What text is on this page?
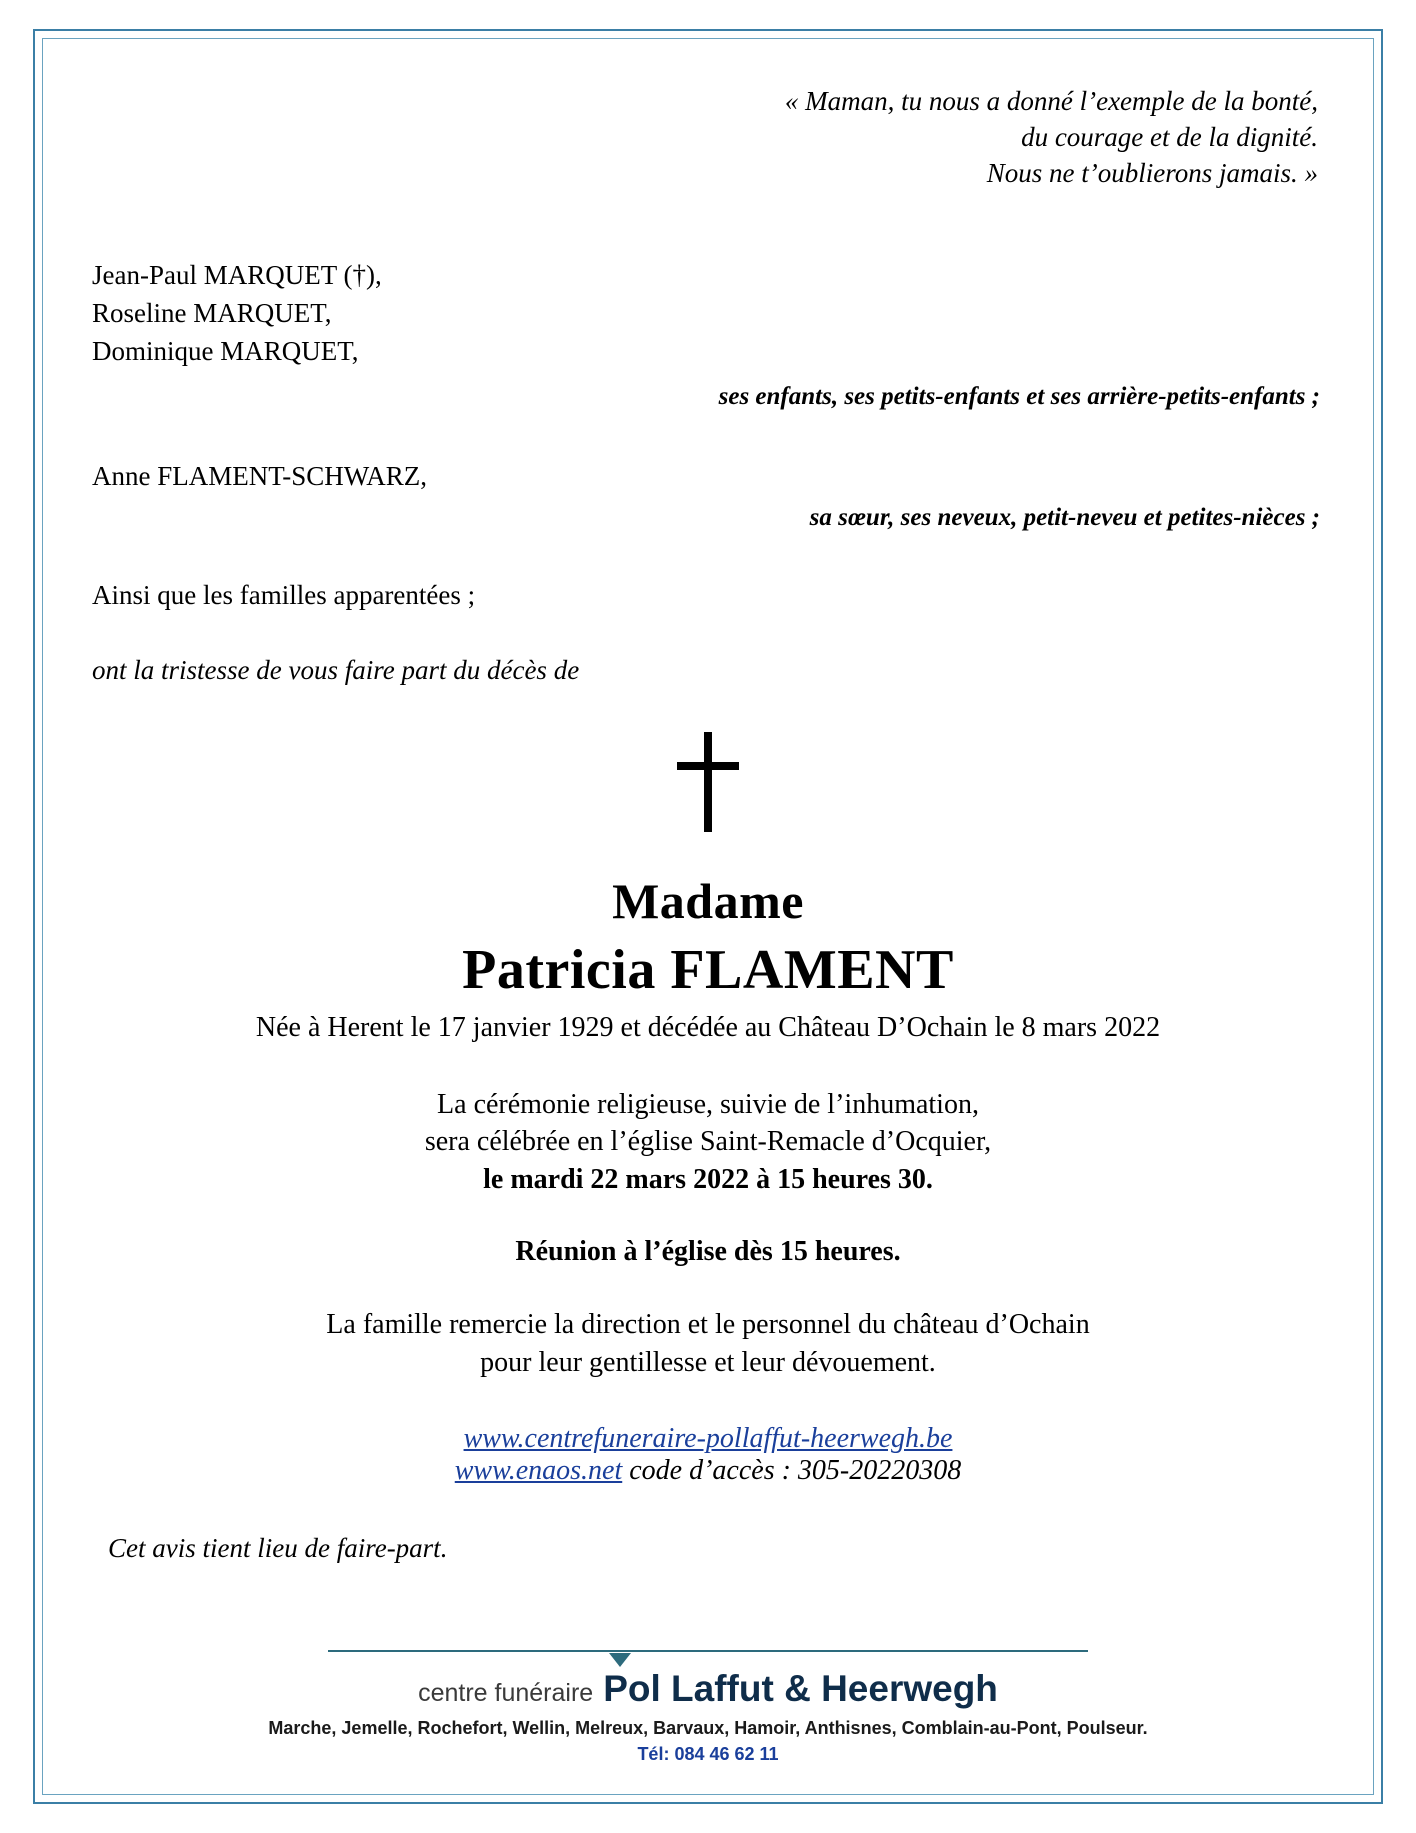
« Maman, tu nous a donné l’exemple de la bonté,
du courage et de la dignité.
Nous ne t’oublierons jamais. »
Jean-Paul MARQUET (†),
Roseline MARQUET,
Dominique MARQUET,
ses enfants, ses petits-enfants et ses arrière-petits-enfants ;
Anne FLAMENT-SCHWARZ,
sa sœur, ses neveux, petit-neveu et petites-nièces ;
Ainsi que les familles apparentées ;
ont la tristesse de vous faire part du décès de
Madame
Patricia FLAMENT
Née à Herent le 17 janvier 1929 et décédée au Château D’Ochain le 8 mars 2022
La cérémonie religieuse, suivie de l’inhumation,
sera célébrée en l’église Saint-Remacle d’Ocquier,
le mardi 22 mars 2022 à 15 heures 30.
Réunion à l’église dès 15 heures.
La famille remercie la direction et le personnel du château d’Ochain
pour leur gentillesse et leur dévouement.
www.centrefuneraire-pollaffut-heerwegh.be
www.enaos.net code d’accès : 305-20220308
Cet avis tient lieu de faire-part.
centre funéraire Pol Laffut & Heerwegh
Marche, Jemelle, Rochefort, Wellin, Melreux, Barvaux, Hamoir, Anthisnes, Comblain-au-Pont, Poulseur.
Tél: 084 46 62 11
